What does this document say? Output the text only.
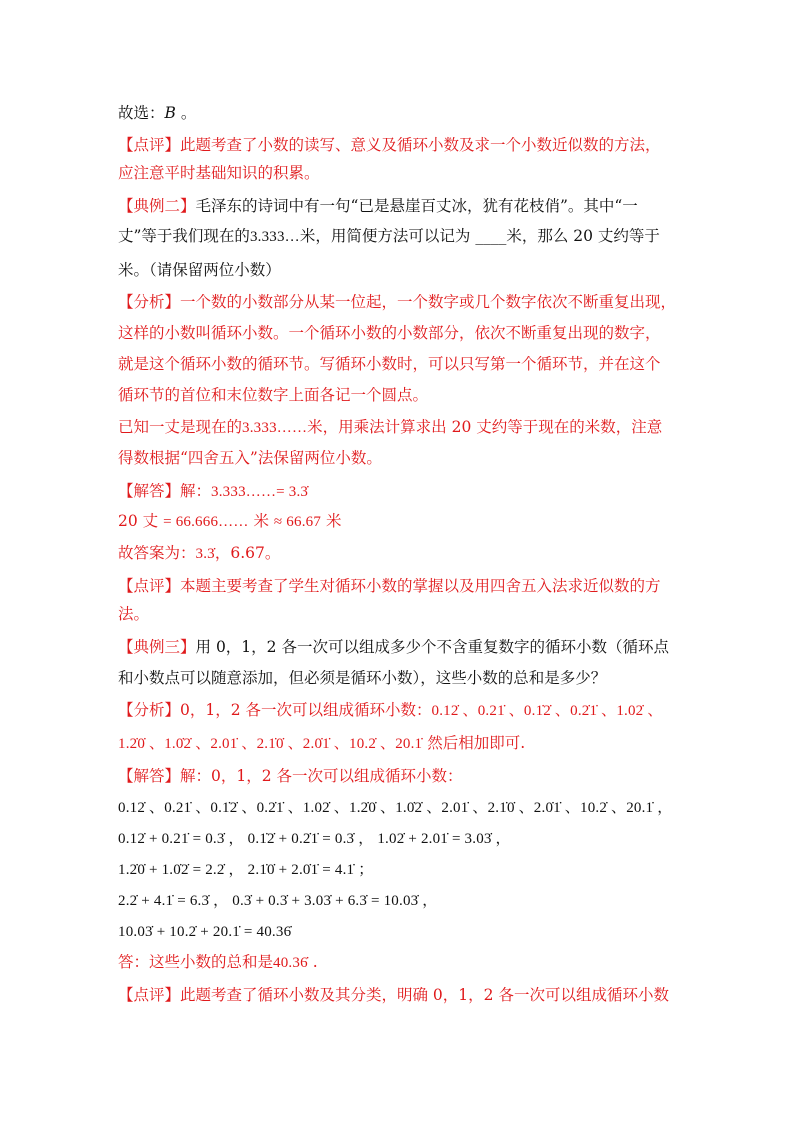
故选：B 。
【点评】此题考查了小数的读写、意义及循环小数及求一个小数近似数的方法，
应注意平时基础知识的积累。
【典例二】毛泽东的诗词中有一句“已是悬崖百丈冰，犹有花枝俏”。其中“一
丈”等于我们现在的3.333…米，用简便方法可以记为 ____米，那么 20 丈约等于
米。（请保留两位小数）
【分析】一个数的小数部分从某一位起，一个数字或几个数字依次不断重复出现，
这样的小数叫循环小数。一个循环小数的小数部分，依次不断重复出现的数字，
就是这个循环小数的循环节。写循环小数时，可以只写第一个循环节，并在这个
循环节的首位和末位数字上面各记一个圆点。
已知一丈是现在的3.333……米，用乘法计算求出 20 丈约等于现在的米数，注意
得数根据“四舍五入”法保留两位小数。
【解答】解：3.333……= 3.3̇
20 丈 = 66.666…… 米 ≈ 66.67 米
故答案为：3.3̇，6.67。
【点评】本题主要考查了学生对循环小数的掌握以及用四舍五入法求近似数的方
法。
【典例三】用 0，1，2 各一次可以组成多少个不含重复数字的循环小数（循环点
和小数点可以随意添加，但必须是循环小数），这些小数的总和是多少？
【分析】0，1，2 各一次可以组成循环小数：0.12̇ 、0.21̇ 、0.1̇2̇ 、0.2̇1̇ 、1.02̇ 、
1.2̇0̇ 、1.0̇2̇ 、2.01̇ 、2.1̇0̇ 、2.0̇1̇ 、10.2̇ 、20.1̇ 然后相加即可.
【解答】解：0，1，2 各一次可以组成循环小数：
0.12̇ 、0.21̇ 、0.1̇2̇ 、0.2̇1̇ 、1.02̇ 、1.2̇0̇ 、1.0̇2̇ 、2.01̇ 、2.1̇0̇ 、2.0̇1̇ 、10.2̇ 、20.1̇ ，
0.12̇ + 0.21̇ = 0.3̇ ， 0.1̇2̇ + 0.2̇1̇ = 0.3̇ ， 1.02̇ + 2.01̇ = 3.03̇ ，
1.2̇0̇ + 1.0̇2̇ = 2.2̇ ， 2.1̇0̇ + 2.0̇1̇ = 4.1̇ ；
2.2̇ + 4.1̇ = 6.3̇ ， 0.3̇ + 0.3̇ + 3.03̇ + 6.3̇ = 10.03̇ ，
10.03̇ + 10.2̇ + 20.1̇ = 40.36̇
答：这些小数的总和是40.36̇ .
【点评】此题考查了循环小数及其分类，明确 0，1，2 各一次可以组成循环小数
